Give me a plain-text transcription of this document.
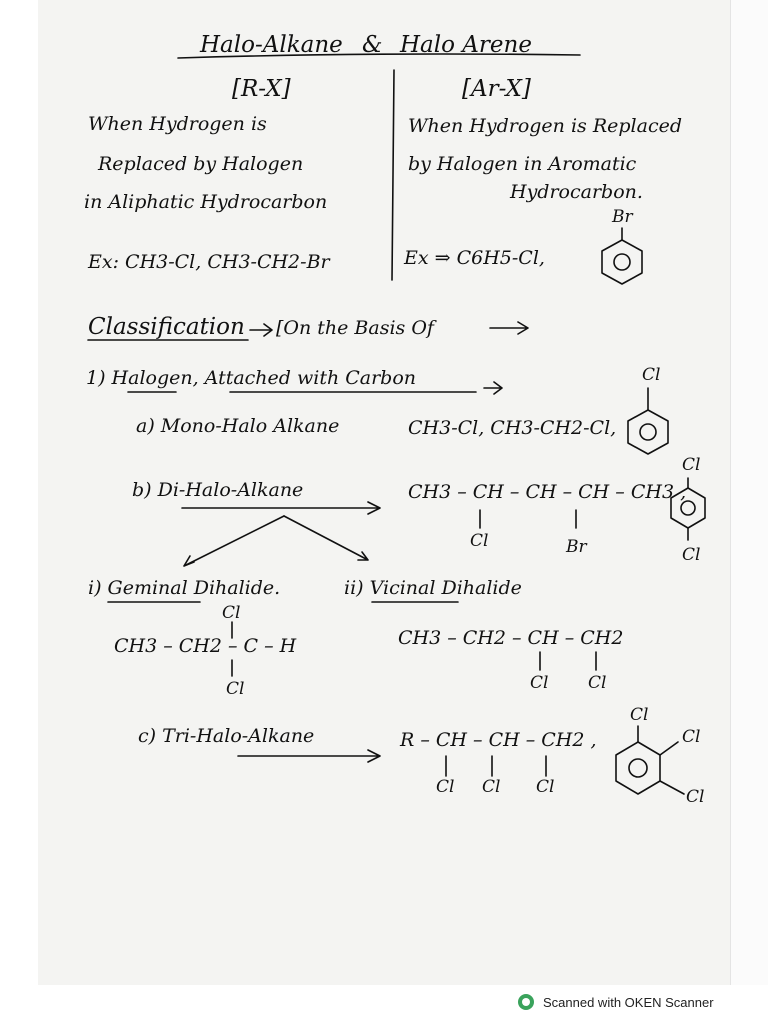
Halo-Alkane & Halo Arene
[R-X]
When Hydrogen is
Replaced by Halogen
in Aliphatic Hydrocarbon
Ex: CH3-Cl, CH3-CH2-Br
[Ar-X]
When Hydrogen is Replaced
by Halogen in Aromatic
Hydrocarbon.
Ex ⇒ C6H5-Cl,
Br
Classification [On the Basis Of
1) Halogen, Attached with Carbon
a) Mono-Halo Alkane	CH3-Cl, CH3-CH2-Cl,
Cl
b) Di-Halo-Alkane	CH3 – CH – CH – CH – CH3 ,
Cl	Br
Cl
Cl
i) Geminal Dihalide.
Cl
CH3 – CH2 – C – H
Cl
ii) Vicinal Dihalide
CH3 – CH2 – CH – CH2
Cl Cl
c) Tri-Halo-Alkane	R – CH – CH – CH2 ,
Cl Cl Cl
Cl
Cl
Cl
Scanned with OKEN Scanner
